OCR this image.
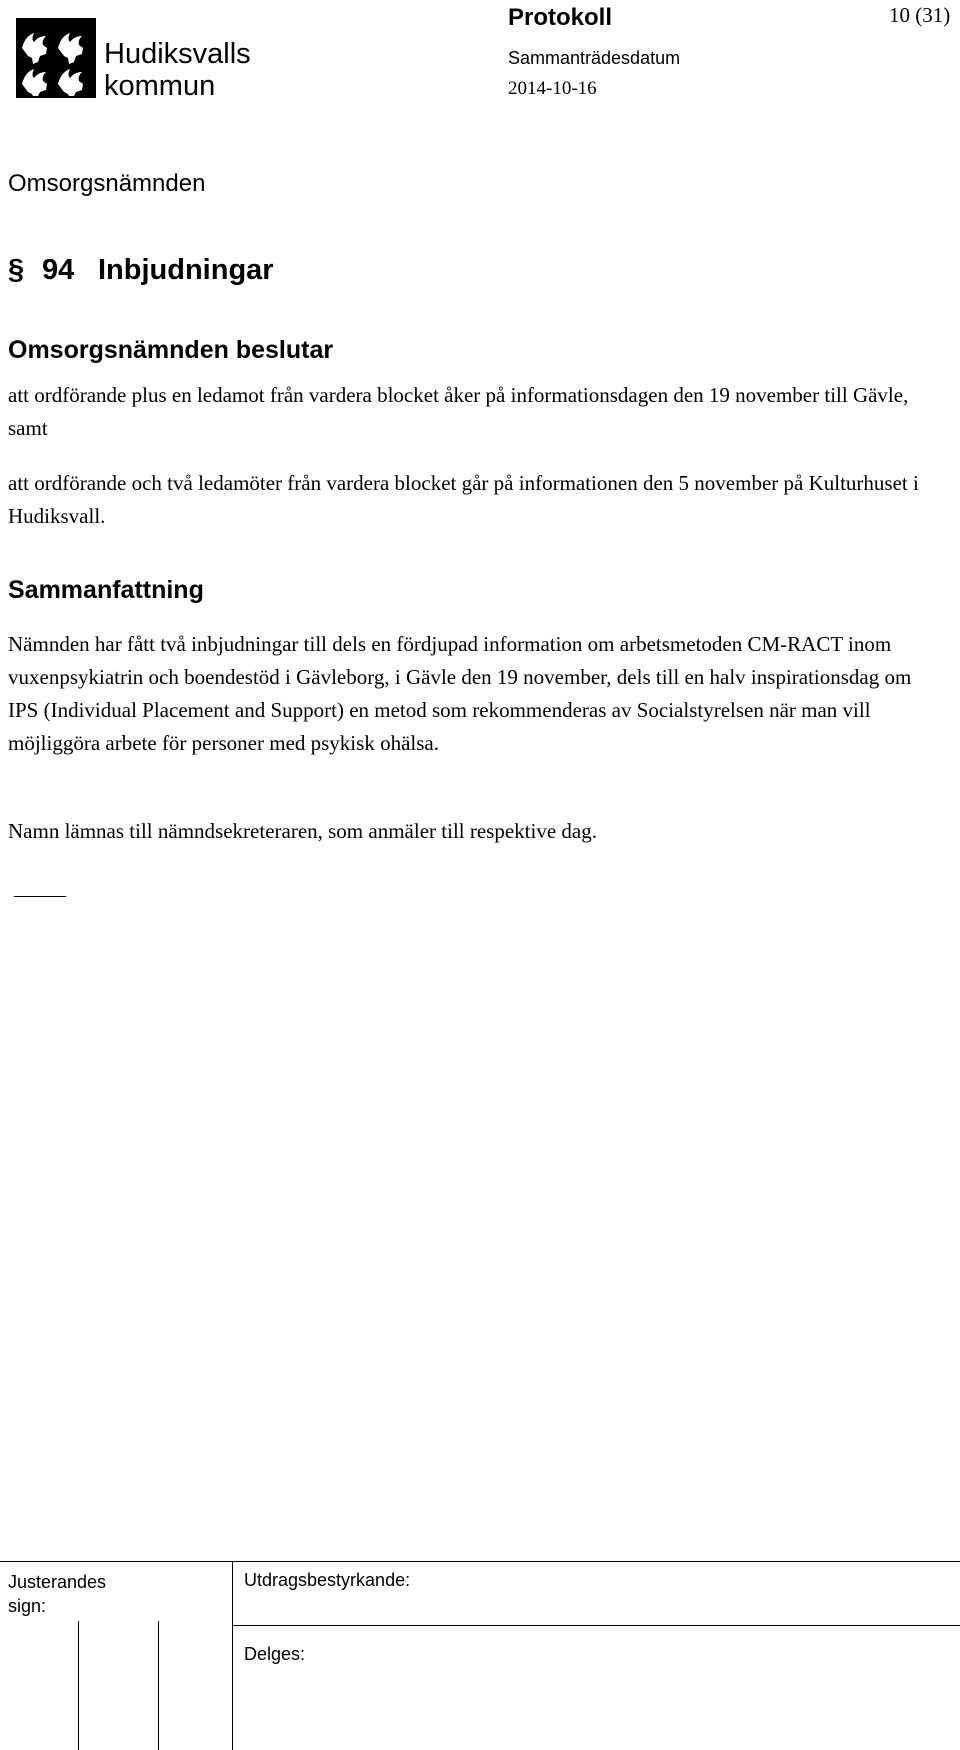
Hudiksvalls
kommun
Protokoll	10 (31)
Sammanträdesdatum
2014-10-16
Omsorgsnämnden
§ 94 Inbjudningar
Omsorgsnämnden beslutar
att ordförande plus en ledamot från vardera blocket åker på informationsdagen den 19 november till Gävle, samt
att ordförande och två ledamöter från vardera blocket går på informationen den 5 november på Kulturhuset i Hudiksvall.
Sammanfattning
Nämnden har fått två inbjudningar till dels en fördjupad information om arbetsmetoden CM-RACT inom vuxenpsykiatrin och boendestöd i Gävleborg, i Gävle den 19 november, dels till en halv inspirationsdag om IPS (Individual Placement and Support) en metod som rekommenderas av Socialstyrelsen när man vill möjliggöra arbete för personer med psykisk ohälsa.
Namn lämnas till nämndsekreteraren, som anmäler till respektive dag.
Justerandes
sign:
Utdragsbestyrkande:
Delges:
